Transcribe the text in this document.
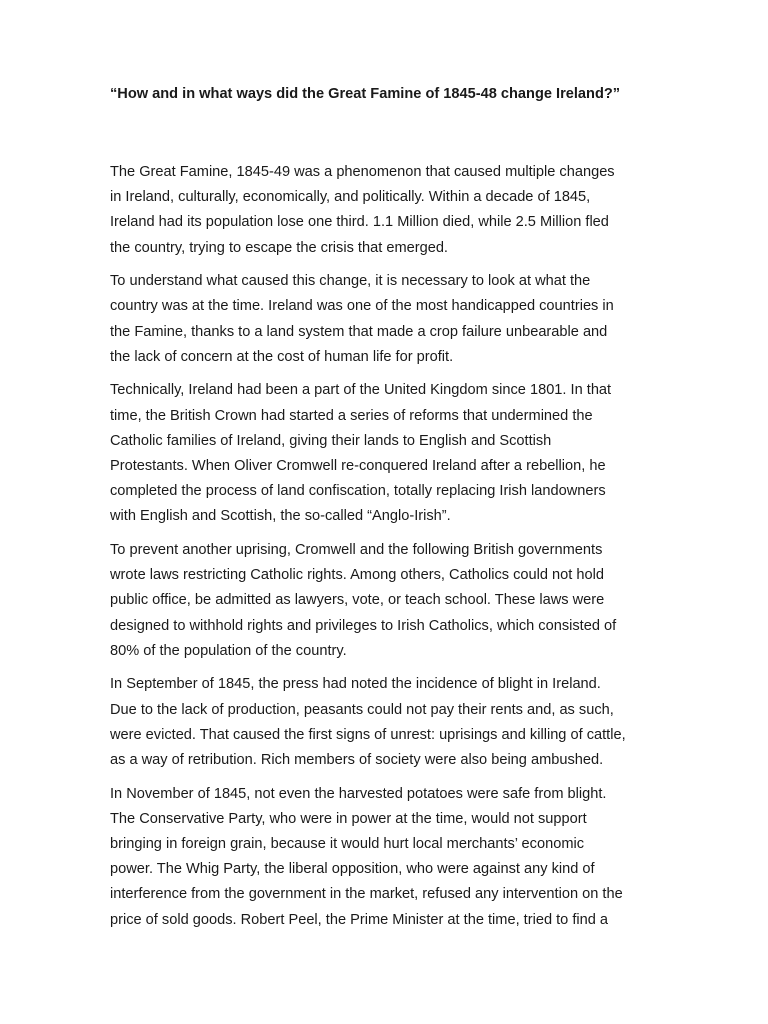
“How and in what ways did the Great Famine of 1845-48 change Ireland?”

The Great Famine, 1845-49 was a phenomenon that caused multiple changes
in Ireland, culturally, economically, and politically. Within a decade of 1845,
Ireland had its population lose one third. 1.1 Million died, while 2.5 Million fled
the country, trying to escape the crisis that emerged.

To understand what caused this change, it is necessary to look at what the
country was at the time. Ireland was one of the most handicapped countries in
the Famine, thanks to a land system that made a crop failure unbearable and
the lack of concern at the cost of human life for profit.

Technically, Ireland had been a part of the United Kingdom since 1801. In that
time, the British Crown had started a series of reforms that undermined the
Catholic families of Ireland, giving their lands to English and Scottish
Protestants. When Oliver Cromwell re-conquered Ireland after a rebellion, he
completed the process of land confiscation, totally replacing Irish landowners
with English and Scottish, the so-called “Anglo-Irish”.

To prevent another uprising, Cromwell and the following British governments
wrote laws restricting Catholic rights. Among others, Catholics could not hold
public office, be admitted as lawyers, vote, or teach school. These laws were
designed to withhold rights and privileges to Irish Catholics, which consisted of
80% of the population of the country.

In September of 1845, the press had noted the incidence of blight in Ireland.
Due to the lack of production, peasants could not pay their rents and, as such,
were evicted. That caused the first signs of unrest: uprisings and killing of cattle,
as a way of retribution. Rich members of society were also being ambushed.

In November of 1845, not even the harvested potatoes were safe from blight.
The Conservative Party, who were in power at the time, would not support
bringing in foreign grain, because it would hurt local merchants’ economic
power. The Whig Party, the liberal opposition, who were against any kind of
interference from the government in the market, refused any intervention on the
price of sold goods. Robert Peel, the Prime Minister at the time, tried to find a
